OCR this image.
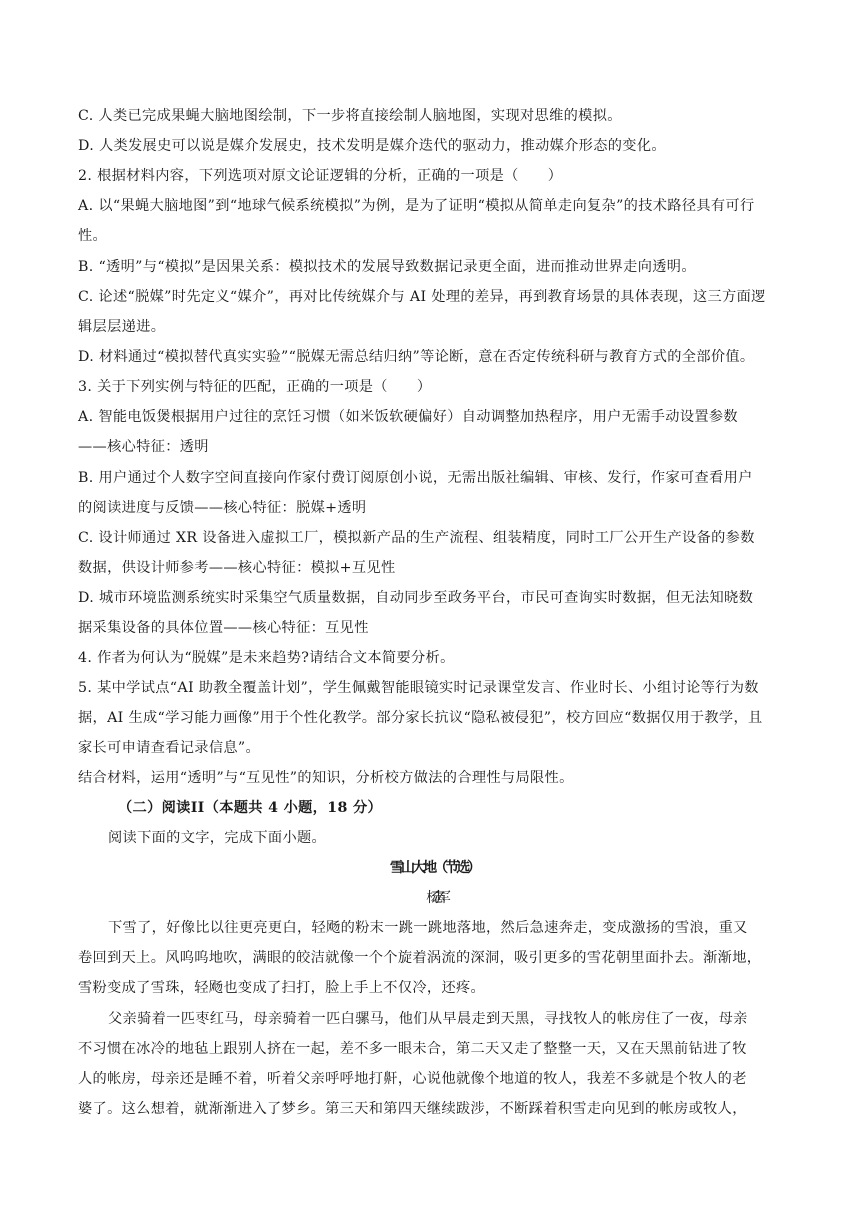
C. 人类已完成果蝇大脑地图绘制，下一步将直接绘制人脑地图，实现对思维的模拟。
D. 人类发展史可以说是媒介发展史，技术发明是媒介迭代的驱动力，推动媒介形态的变化。
2. 根据材料内容，下列选项对原文论证逻辑的分析，正确的一项是（　　）
A. 以“果蝇大脑地图”到“地球气候系统模拟”为例，是为了证明“模拟从简单走向复杂”的技术路径具有可行
性。
B. “透明”与“模拟”是因果关系：模拟技术的发展导致数据记录更全面，进而推动世界走向透明。
C. 论述“脱媒”时先定义“媒介”，再对比传统媒介与 AI 处理的差异，再到教育场景的具体表现，这三方面逻
辑层层递进。
D. 材料通过“模拟替代真实实验”“脱媒无需总结归纳”等论断，意在否定传统科研与教育方式的全部价值。
3. 关于下列实例与特征的匹配，正确的一项是（　　）
A. 智能电饭煲根据用户过往的烹饪习惯（如米饭软硬偏好）自动调整加热程序，用户无需手动设置参数
——核心特征：透明
B. 用户通过个人数字空间直接向作家付费订阅原创小说，无需出版社编辑、审核、发行，作家可查看用户
的阅读进度与反馈——核心特征：脱媒+透明
C. 设计师通过 XR 设备进入虚拟工厂，模拟新产品的生产流程、组装精度，同时工厂公开生产设备的参数
数据，供设计师参考——核心特征：模拟+互见性
D. 城市环境监测系统实时采集空气质量数据，自动同步至政务平台，市民可查询实时数据，但无法知晓数
据采集设备的具体位置——核心特征：互见性
4. 作者为何认为“脱媒”是未来趋势?请结合文本简要分析。
5. 某中学试点“AI 助教全覆盖计划”，学生佩戴智能眼镜实时记录课堂发言、作业时长、小组讨论等行为数
据，AI 生成“学习能力画像”用于个性化教学。部分家长抗议“隐私被侵犯”，校方回应“数据仅用于教学，且
家长可申请查看记录信息”。
结合材料，运用“透明”与“互见性”的知识，分析校方做法的合理性与局限性。
（二）阅读II（本题共 4 小题，18 分）
阅读下面的文字，完成下面小题。
雪山大地（节选）
杨志军
下雪了，好像比以往更亮更白，轻飏的粉末一跳一跳地落地，然后急速奔走，变成激扬的雪浪，重又
卷回到天上。风呜呜地吹，满眼的皎洁就像一个个旋着涡流的深洞，吸引更多的雪花朝里面扑去。渐渐地，
雪粉变成了雪珠，轻飏也变成了扫打，脸上手上不仅冷，还疼。
父亲骑着一匹枣红马，母亲骑着一匹白骡马，他们从早晨走到天黑，寻找牧人的帐房住了一夜，母亲
不习惯在冰冷的地毡上跟别人挤在一起，差不多一眼未合，第二天又走了整整一天，又在天黑前钻进了牧
人的帐房，母亲还是睡不着，听着父亲呼呼地打鼾，心说他就像个地道的牧人，我差不多就是个牧人的老
婆了。这么想着，就渐渐进入了梦乡。第三天和第四天继续跋涉，不断踩着积雪走向见到的帐房或牧人，
